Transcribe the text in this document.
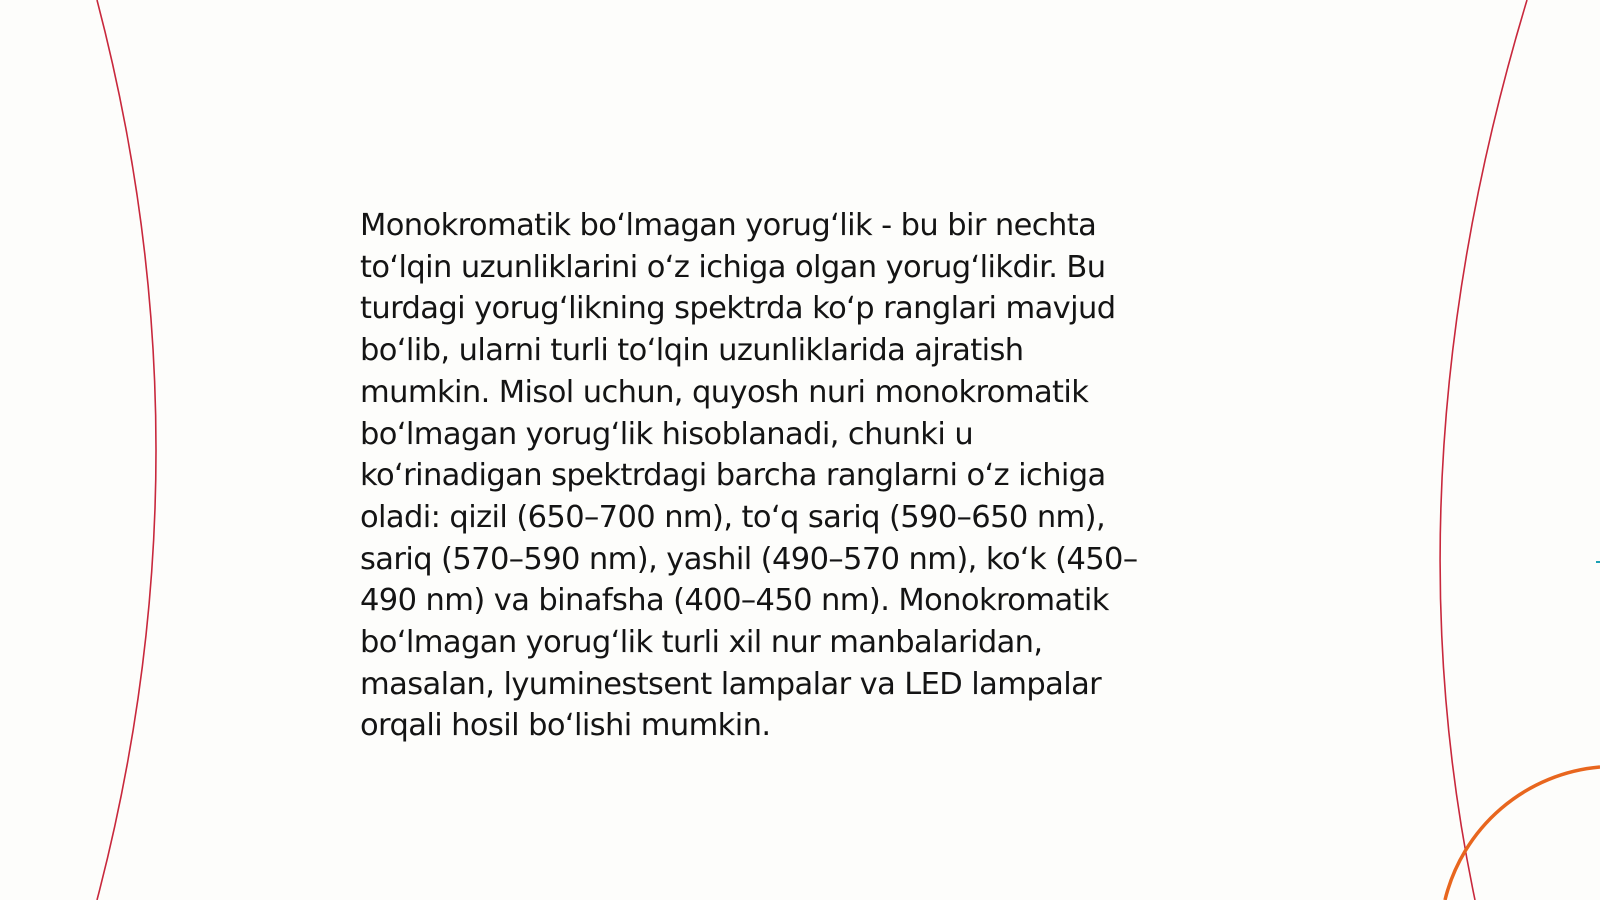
Monokromatik boʻlmagan yorugʻlik - bu bir nechta
toʻlqin uzunliklarini oʻz ichiga olgan yorugʻlikdir. Bu
turdagi yorugʻlikning spektrda koʻp ranglari mavjud
boʻlib, ularni turli toʻlqin uzunliklarida ajratish
mumkin. Misol uchun, quyosh nuri monokromatik
boʻlmagan yorugʻlik hisoblanadi, chunki u
koʻrinadigan spektrdagi barcha ranglarni oʻz ichiga
oladi: qizil (650–700 nm), toʻq sariq (590–650 nm),
sariq (570–590 nm), yashil (490–570 nm), koʻk (450–
490 nm) va binafsha (400–450 nm). Monokromatik
boʻlmagan yorugʻlik turli xil nur manbalaridan,
masalan, lyuminestsent lampalar va LED lampalar
orqali hosil boʻlishi mumkin.
